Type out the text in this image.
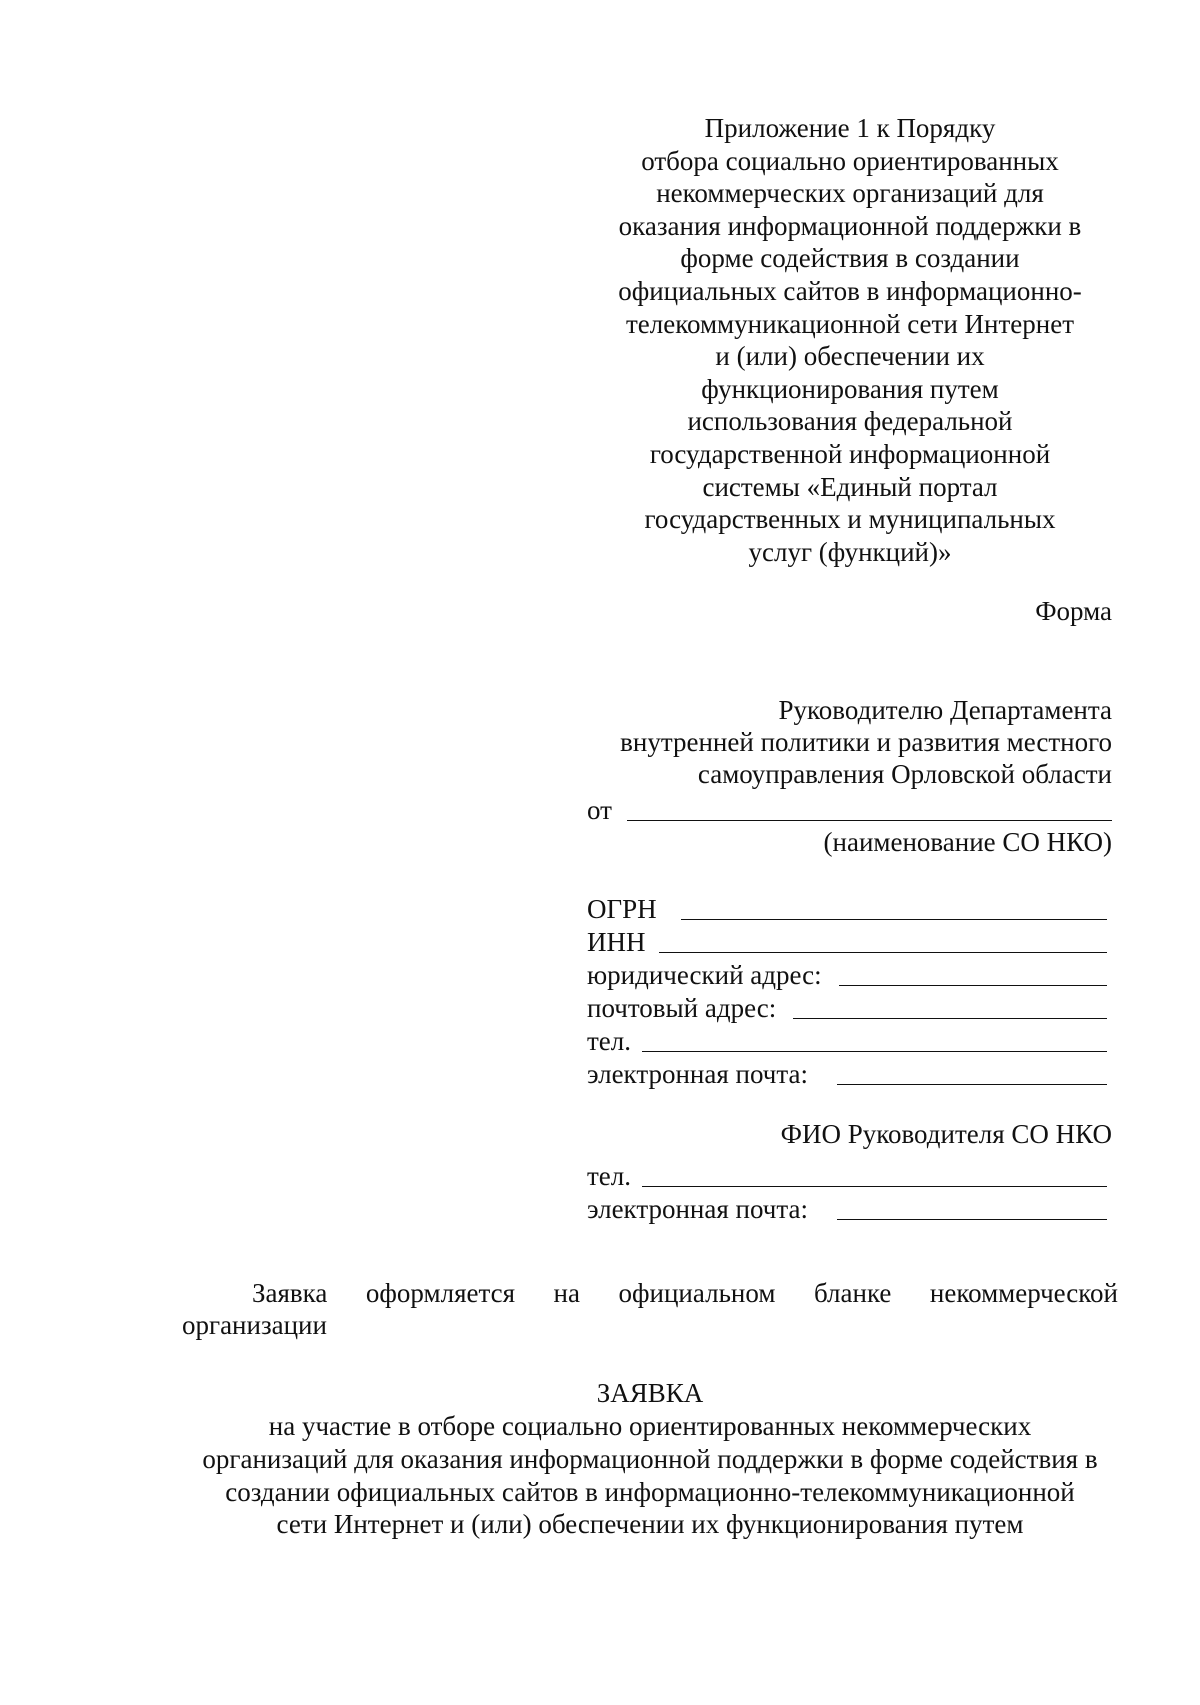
Приложение 1 к Порядку
отбора социально ориентированных
некоммерческих организаций для
оказания информационной поддержки в
форме содействия в создании
официальных сайтов в информационно-
телекоммуникационной сети Интернет
и (или) обеспечении их
функционирования путем
использования федеральной
государственной информационной
системы «Единый портал
государственных и муниципальных
услуг (функций)»
Форма
Руководителю Департамента
внутренней политики и развития местного
самоуправления Орловской области
от
(наименование СО НКО)
ОГРН
ИНН
юридический адрес:
почтовый адрес:
тел.
электронная почта:
ФИО Руководителя СО НКО
тел.
электронная почта:
Заявка оформляется на официальном бланке некоммерческой
организации
ЗАЯВКА
на участие в отборе социально ориентированных некоммерческих
организаций для оказания информационной поддержки в форме содействия в
создании официальных сайтов в информационно-телекоммуникационной
сети Интернет и (или) обеспечении их функционирования путем
